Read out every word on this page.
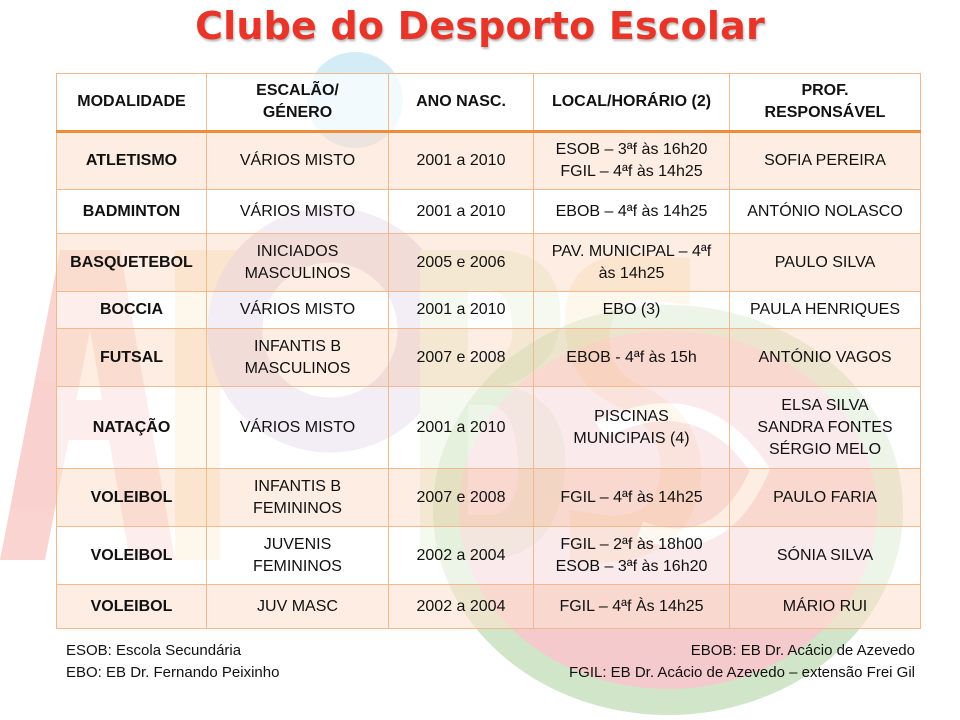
Clube do Desporto Escolar
MODALIDADE	ESCALÃO/
GÉNERO	ANO NASC.	LOCAL/HORÁRIO (2)	PROF.
RESPONSÁVEL

ATLETISMO	VÁRIOS MISTO	2001 a 2010	ESOB – 3ªf às 16h20
FGIL – 4ªf às 14h25	SOFIA PEREIRA

BADMINTON	VÁRIOS MISTO	2001 a 2010	EBOB – 4ªf às 14h25	ANTÓNIO NOLASCO

BASQUETEBOL	INICIADOS
MASCULINOS	2005 e 2006	PAV. MUNICIPAL – 4ªf
às 14h25	PAULO SILVA

BOCCIA	VÁRIOS MISTO	2001 a 2010	EBO (3)	PAULA HENRIQUES

FUTSAL	INFANTIS B
MASCULINOS	2007 e 2008	EBOB - 4ªf às 15h	ANTÓNIO VAGOS

NATAÇÃO	VÁRIOS MISTO	2001 a 2010	PISCINAS
MUNICIPAIS (4)	ELSA SILVA
SANDRA FONTES
SÉRGIO MELO

VOLEIBOL	INFANTIS B
FEMININOS	2007 e 2008	FGIL – 4ªf às 14h25	PAULO FARIA

VOLEIBOL	JUVENIS
FEMININOS	2002 a 2004	FGIL – 2ªf às 18h00
ESOB – 3ªf às 16h20	SÓNIA SILVA

VOLEIBOL	JUV MASC	2002 a 2004	FGIL – 4ªf Às 14h25	MÁRIO RUI
ESOB: Escola Secundária
EBO: EB Dr. Fernando Peixinho
EBOB: EB Dr. Acácio de Azevedo
FGIL: EB Dr. Acácio de Azevedo – extensão Frei Gil
